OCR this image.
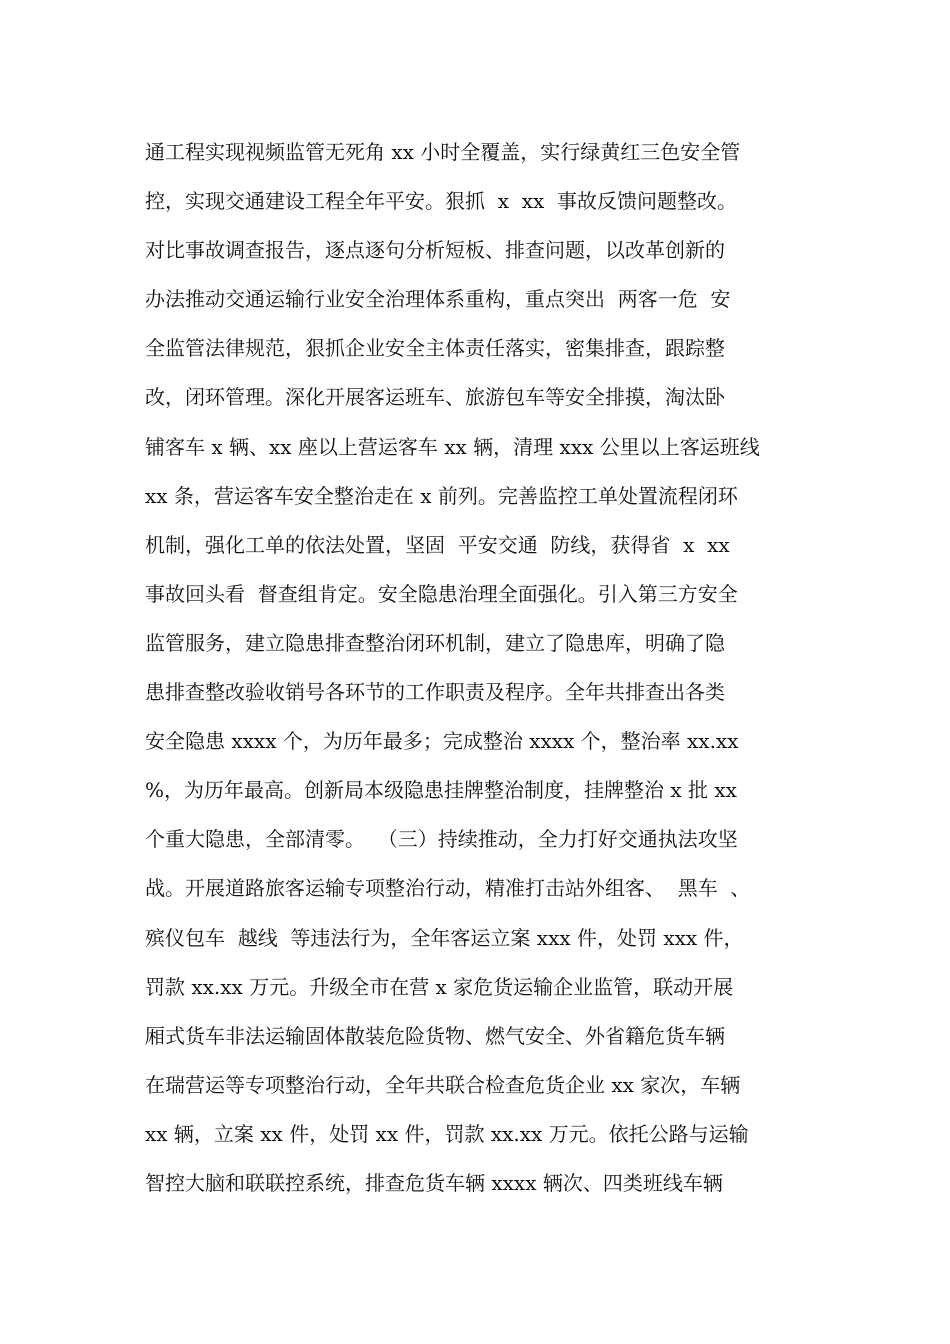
通工程实现视频监管无死角 xx 小时全覆盖，实行绿黄红三色安全管
控，实现交通建设工程全年平安。狠抓  x  xx  事故反馈问题整改。
对比事故调查报告，逐点逐句分析短板、排查问题，以改革创新的
办法推动交通运输行业安全治理体系重构，重点突出  两客一危  安
全监管法律规范，狠抓企业安全主体责任落实，密集排查，跟踪整
改，闭环管理。深化开展客运班车、旅游包车等安全排摸，淘汰卧
铺客车 x 辆、xx 座以上营运客车 xx 辆，清理 xxx 公里以上客运班线
xx 条，营运客车安全整治走在 x 前列。完善监控工单处置流程闭环
机制，强化工单的依法处置，坚固  平安交通  防线，获得省  x  xx
事故回头看  督查组肯定。安全隐患治理全面强化。引入第三方安全
监管服务，建立隐患排查整治闭环机制，建立了隐患库，明确了隐
患排查整改验收销号各环节的工作职责及程序。全年共排查出各类
安全隐患 xxxx 个，为历年最多；完成整治 xxxx 个，整治率 xx.xx
%，为历年最高。创新局本级隐患挂牌整治制度，挂牌整治 x 批 xx
个重大隐患，全部清零。  （三）持续推动，全力打好交通执法攻坚
战。开展道路旅客运输专项整治行动，精准打击站外组客、  黑车  、
殡仪包车  越线  等违法行为，全年客运立案 xxx 件，处罚 xxx 件，
罚款 xx.xx 万元。升级全市在营 x 家危货运输企业监管，联动开展
厢式货车非法运输固体散装危险货物、燃气安全、外省籍危货车辆
在瑞营运等专项整治行动，全年共联合检查危货企业 xx 家次，车辆
xx 辆，立案 xx 件，处罚 xx 件，罚款 xx.xx 万元。依托公路与运输
智控大脑和联联控系统，排查危货车辆 xxxx 辆次、四类班线车辆
